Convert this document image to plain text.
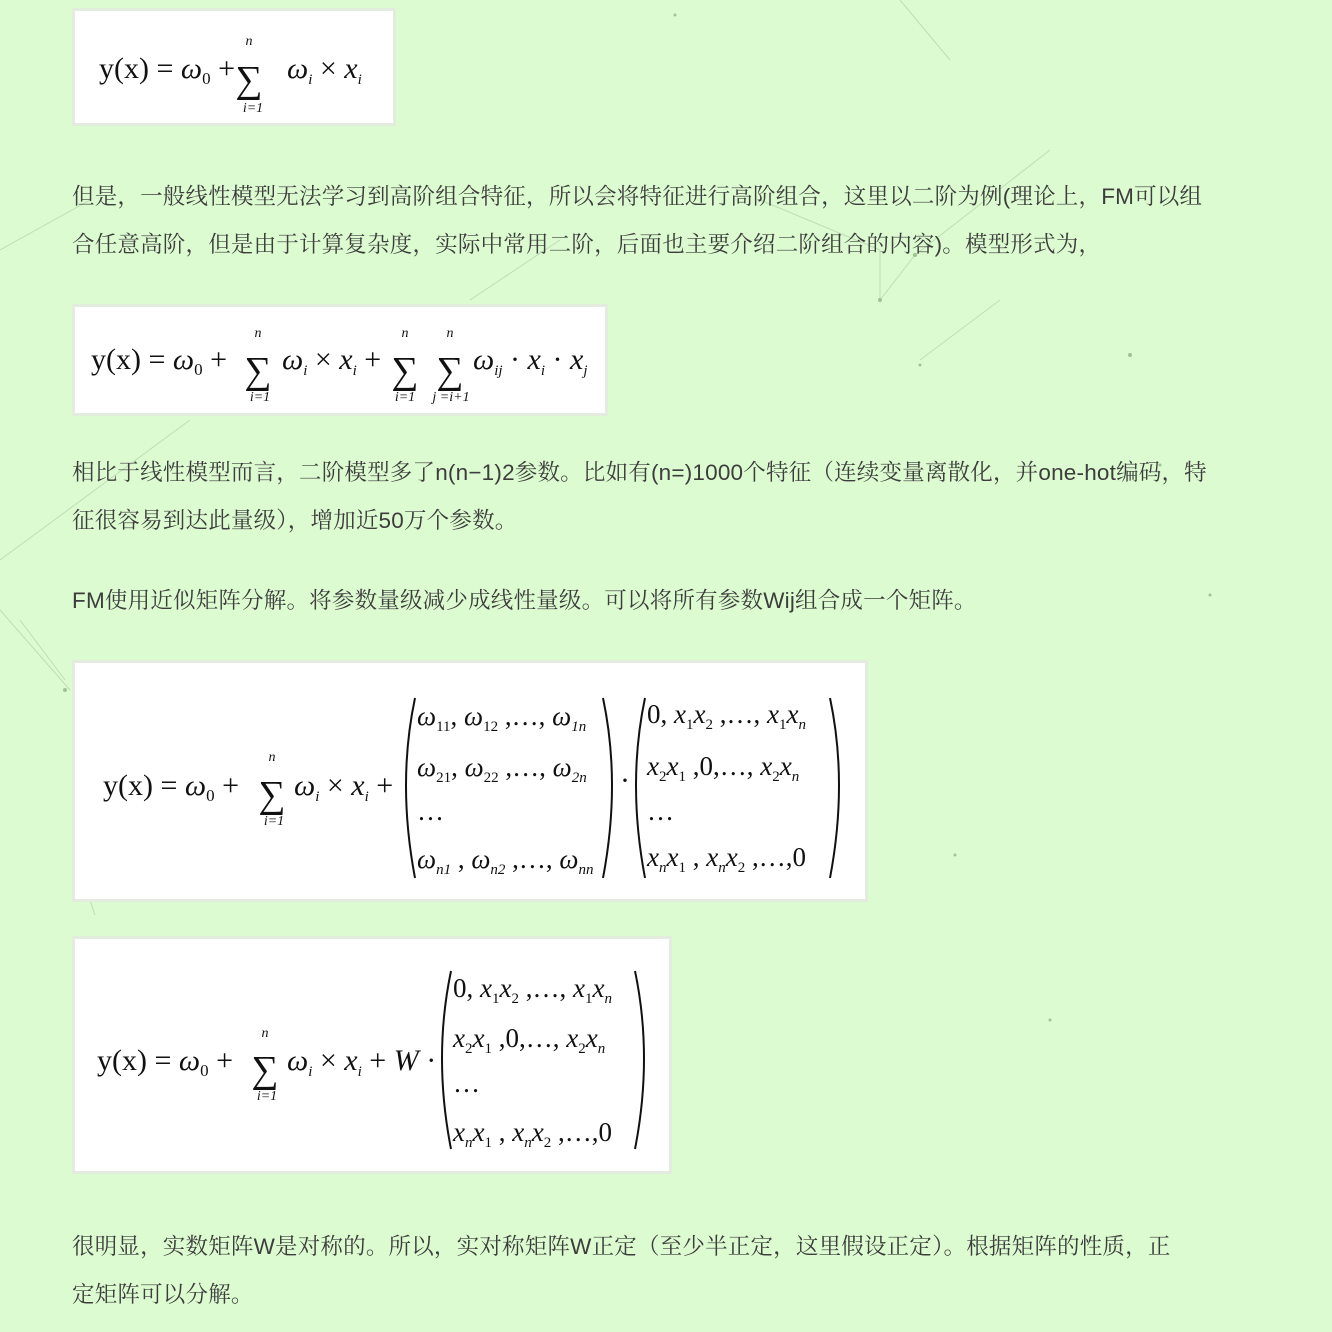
$y(x) = \omega_0$ +
n
∑
i=1
$\omega_i \times x_i$

但是，一般线性模型无法学习到高阶组合特征，所以会将特征进行高阶组合，这里以二阶为例(理论上，FM可以组
合任意高阶，但是由于计算复杂度，实际中常用二阶，后面也主要介绍二阶组合的内容)。模型形式为，

$y(x) = \omega_0$ +
n
∑
i=1
$\omega_i \times x_i$ +
n
∑
i=1
n
∑
j =i+1
$\omega_{ij} \cdot x_i \cdot x_j$

相比于线性模型而言，二阶模型多了n(n−1)2参数。比如有(n=)1000个特征（连续变量离散化，并one-hot编码，特
征很容易到达此量级），增加近50万个参数。

FM使用近似矩阵分解。将参数量级减少成线性量级。可以将所有参数Wij组合成一个矩阵。

$y(x) = \omega_0$ +
n
∑
i=1
$\omega_i \times x_i$ +
$\omega_{11}$, $\omega_{12}$ ,…, $\omega_{1n}$
$\omega_{21}$, $\omega_{22}$ ,…, $\omega_{2n}$
…
$\omega_{n1}$ , $\omega_{n2}$ ,…, $\omega_{nn}$
·
0, $x_1x_2$ ,…, $x_1x_n$
$x_2x_1$ ,0,…, $x_2x_n$
…
$x_nx_1$ , $x_nx_2$ ,…,0
$y(x) = \omega_0$ +
n
∑
i=1
$\omega_i \times x_i + W$ ·
0, $x_1x_2$ ,…, $x_1x_n$
$x_2x_1$ ,0,…, $x_2x_n$
…
$x_nx_1$ , $x_nx_2$ ,…,0

很明显，实数矩阵W是对称的。所以，实对称矩阵W正定（至少半正定，这里假设正定）。根据矩阵的性质，正
定矩阵可以分解。
